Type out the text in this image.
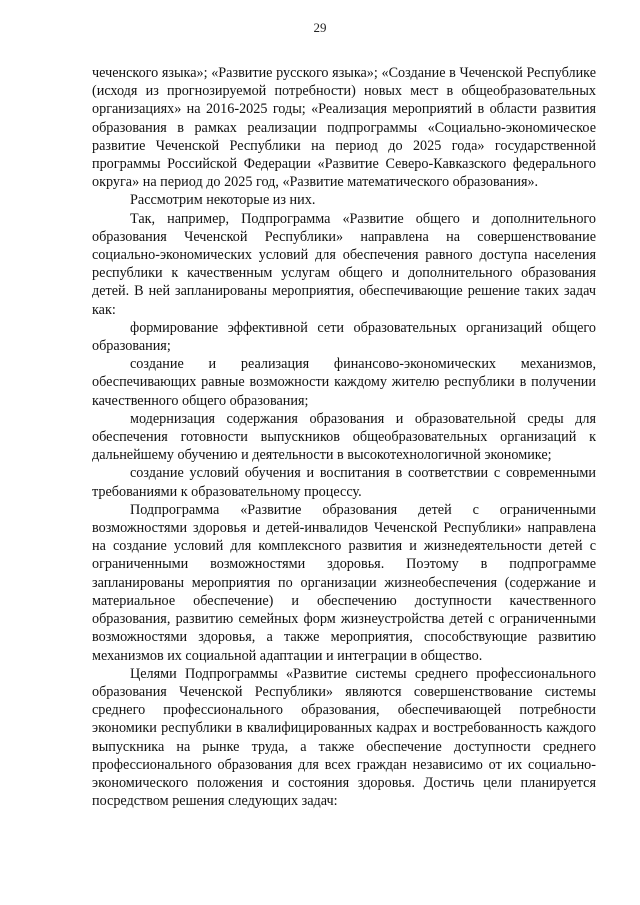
29

чеченского языка»; «Развитие русского языка»; «Создание в Чеченской Республике (исходя из прогнозируемой потребности) новых мест в общеобразовательных организациях» на 2016-2025 годы; «Реализация мероприятий в области развития образования в рамках реализации подпрограммы «Социально-экономическое развитие Чеченской Республики на период до 2025 года» государственной программы Российской Федерации «Развитие Северо-Кавказского федерального округа» на период до 2025 год, «Развитие математического образования».

Рассмотрим некоторые из них.

Так, например, Подпрограмма «Развитие общего и дополнительного образования Чеченской Республики» направлена на совершенствование социально-экономических условий для обеспечения равного доступа населения республики к качественным услугам общего и дополнительного образования детей. В ней запланированы мероприятия, обеспечивающие решение таких задач как:

формирование эффективной сети образовательных организаций общего образования;

создание и реализация финансово-экономических механизмов, обеспечивающих равные возможности каждому жителю республики в получении качественного общего образования;

модернизация содержания образования и образовательной среды для обеспечения готовности выпускников общеобразовательных организаций к дальнейшему обучению и деятельности в высокотехнологичной экономике;

создание условий обучения и воспитания в соответствии с современными требованиями к образовательному процессу.

Подпрограмма «Развитие образования детей с ограниченными возможностями здоровья и детей-инвалидов Чеченской Республики» направлена на создание условий для комплексного развития и жизнедеятельности детей с ограниченными возможностями здоровья. Поэтому в подпрограмме запланированы мероприятия по организации жизнеобеспечения (содержание и материальное обеспечение) и обеспечению доступности качественного образования, развитию семейных форм жизнеустройства детей с ограниченными возможностями здоровья, а также мероприятия, способствующие развитию механизмов их социальной адаптации и интеграции в общество.

Целями Подпрограммы «Развитие системы среднего профессионального образования Чеченской Республики» являются совершенствование системы среднего профессионального образования, обеспечивающей потребности экономики республики в квалифицированных кадрах и востребованность каждого выпускника на рынке труда, а также обеспечение доступности среднего профессионального образования для всех граждан независимо от их социально-экономического положения и состояния здоровья. Достичь цели планируется посредством решения следующих задач:
